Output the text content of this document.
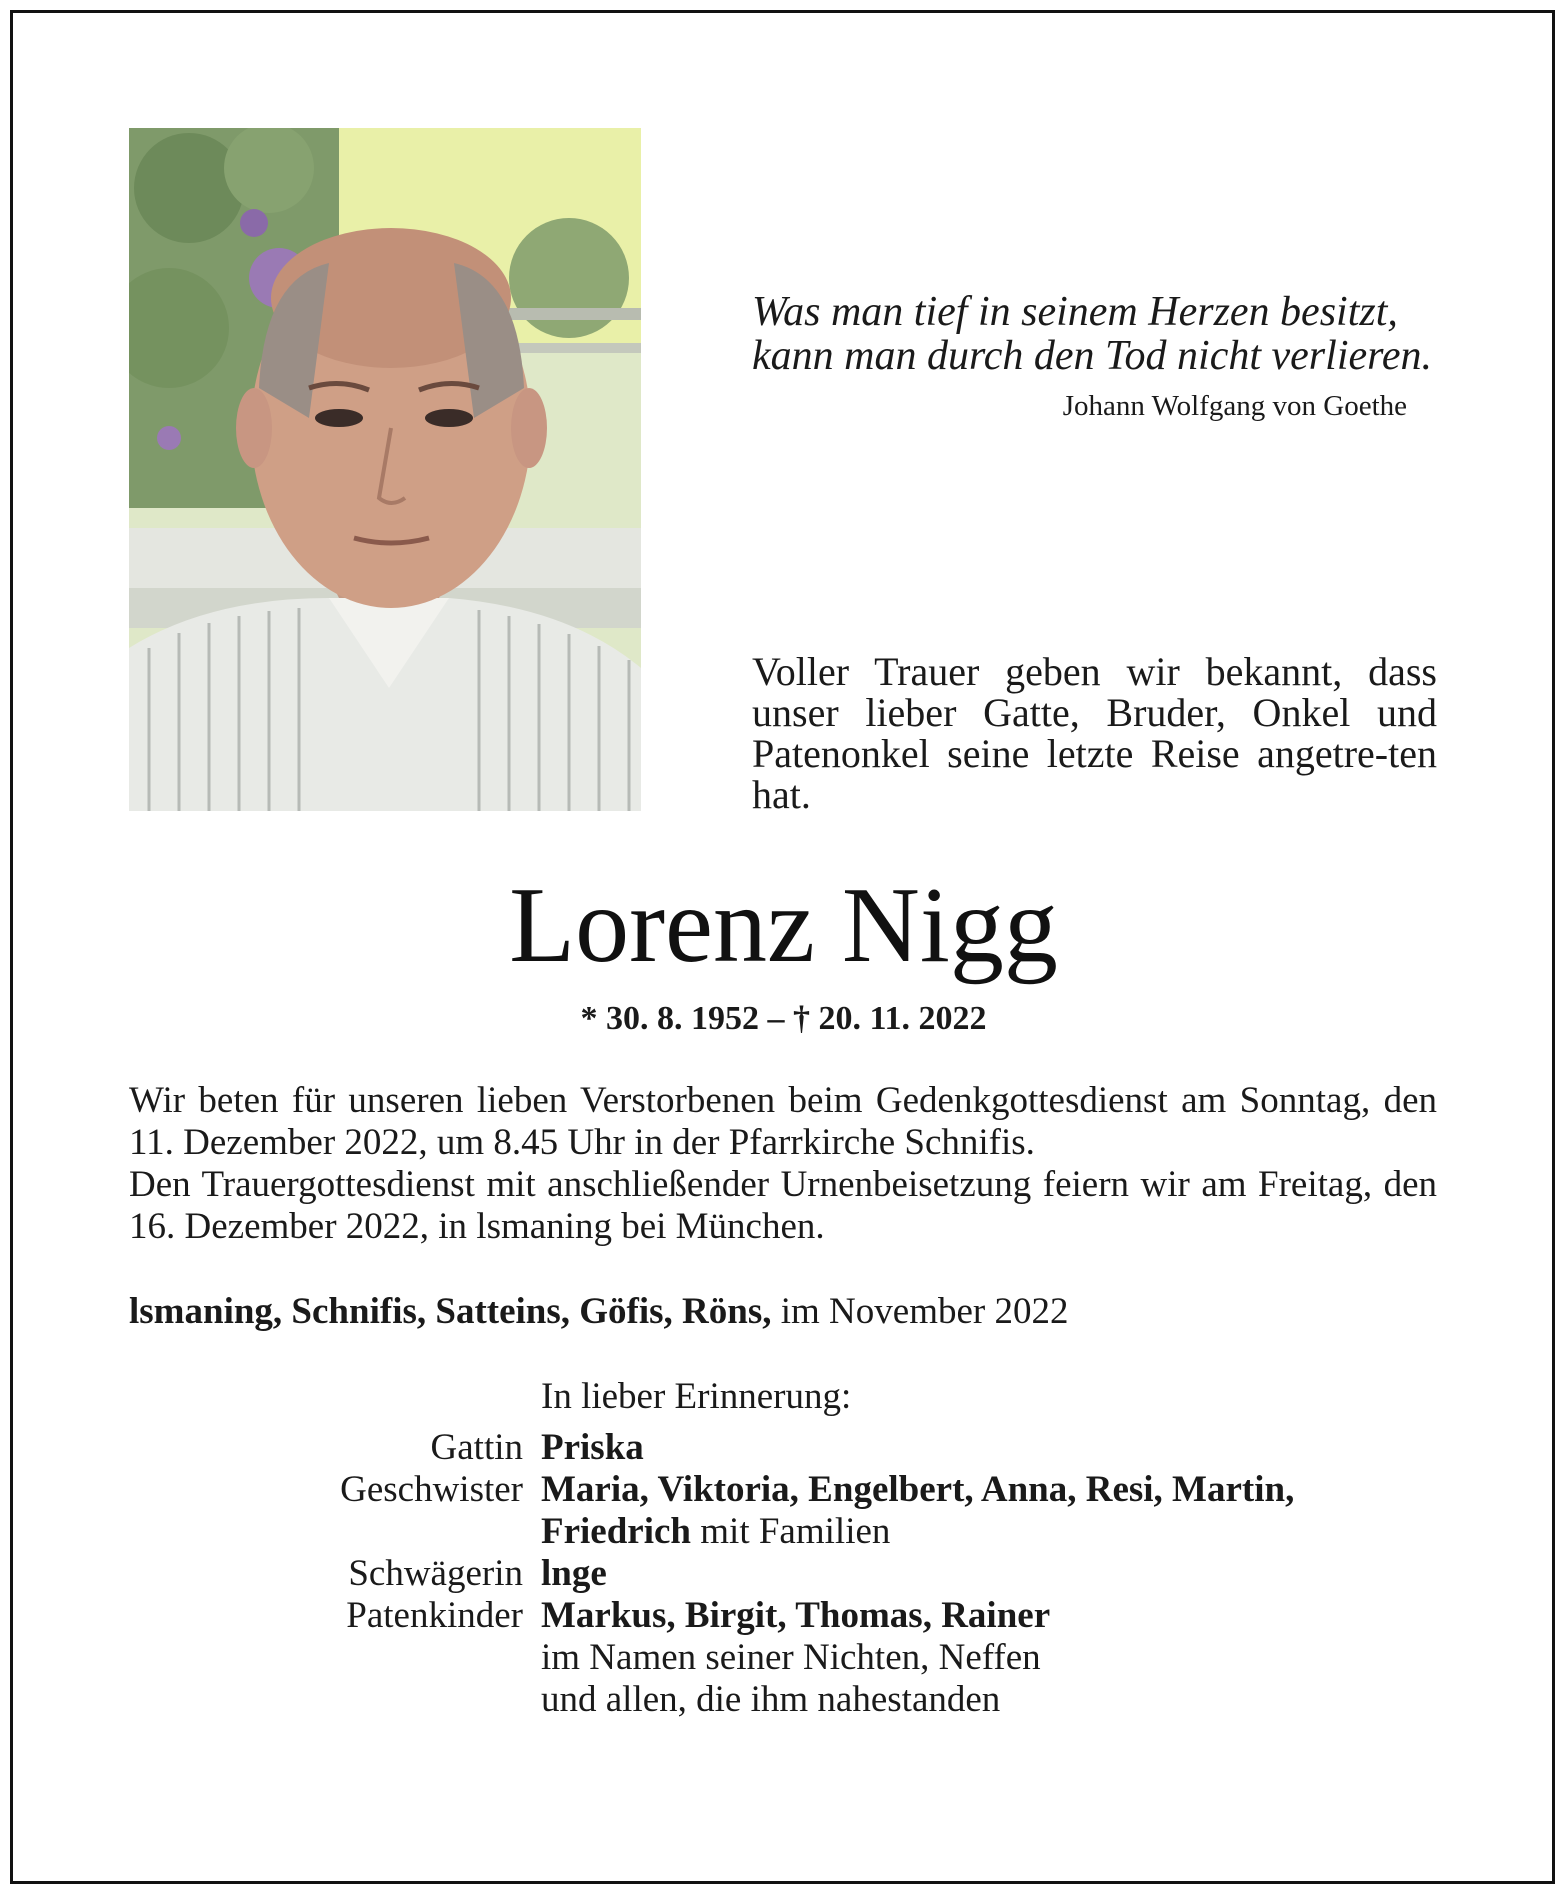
Was man tief in seinem Herzen besitzt,
kann man durch den Tod nicht verlieren.
Johann Wolfgang von Goethe
Voller Trauer geben wir bekannt, dass unser lieber Gatte, Bruder, Onkel und Patenonkel seine letzte Reise angetre-ten hat.
Lorenz Nigg
* 30. 8. 1952 – † 20. 11. 2022

Wir beten für unseren lieben Verstorbenen beim Gedenkgottesdienst am Sonntag, den 11. Dezember 2022, um 8.45 Uhr in der Pfarrkirche Schnifis.

Den Trauergottesdienst mit anschließender Urnenbeisetzung feiern wir am Freitag, den 16. Dezember 2022, in lsmaning bei München.

lsmaning, Schnifis, Satteins, Göfis, Röns, im November 2022
In lieber Erinnerung:
Gattin Priska
Geschwister Maria, Viktoria, Engelbert, Anna, Resi, Martin,
Friedrich mit Familien
Schwägerin lnge
Patenkinder Markus, Birgit, Thomas, Rainer
im Namen seiner Nichten, Neffen
und allen, die ihm nahestanden
